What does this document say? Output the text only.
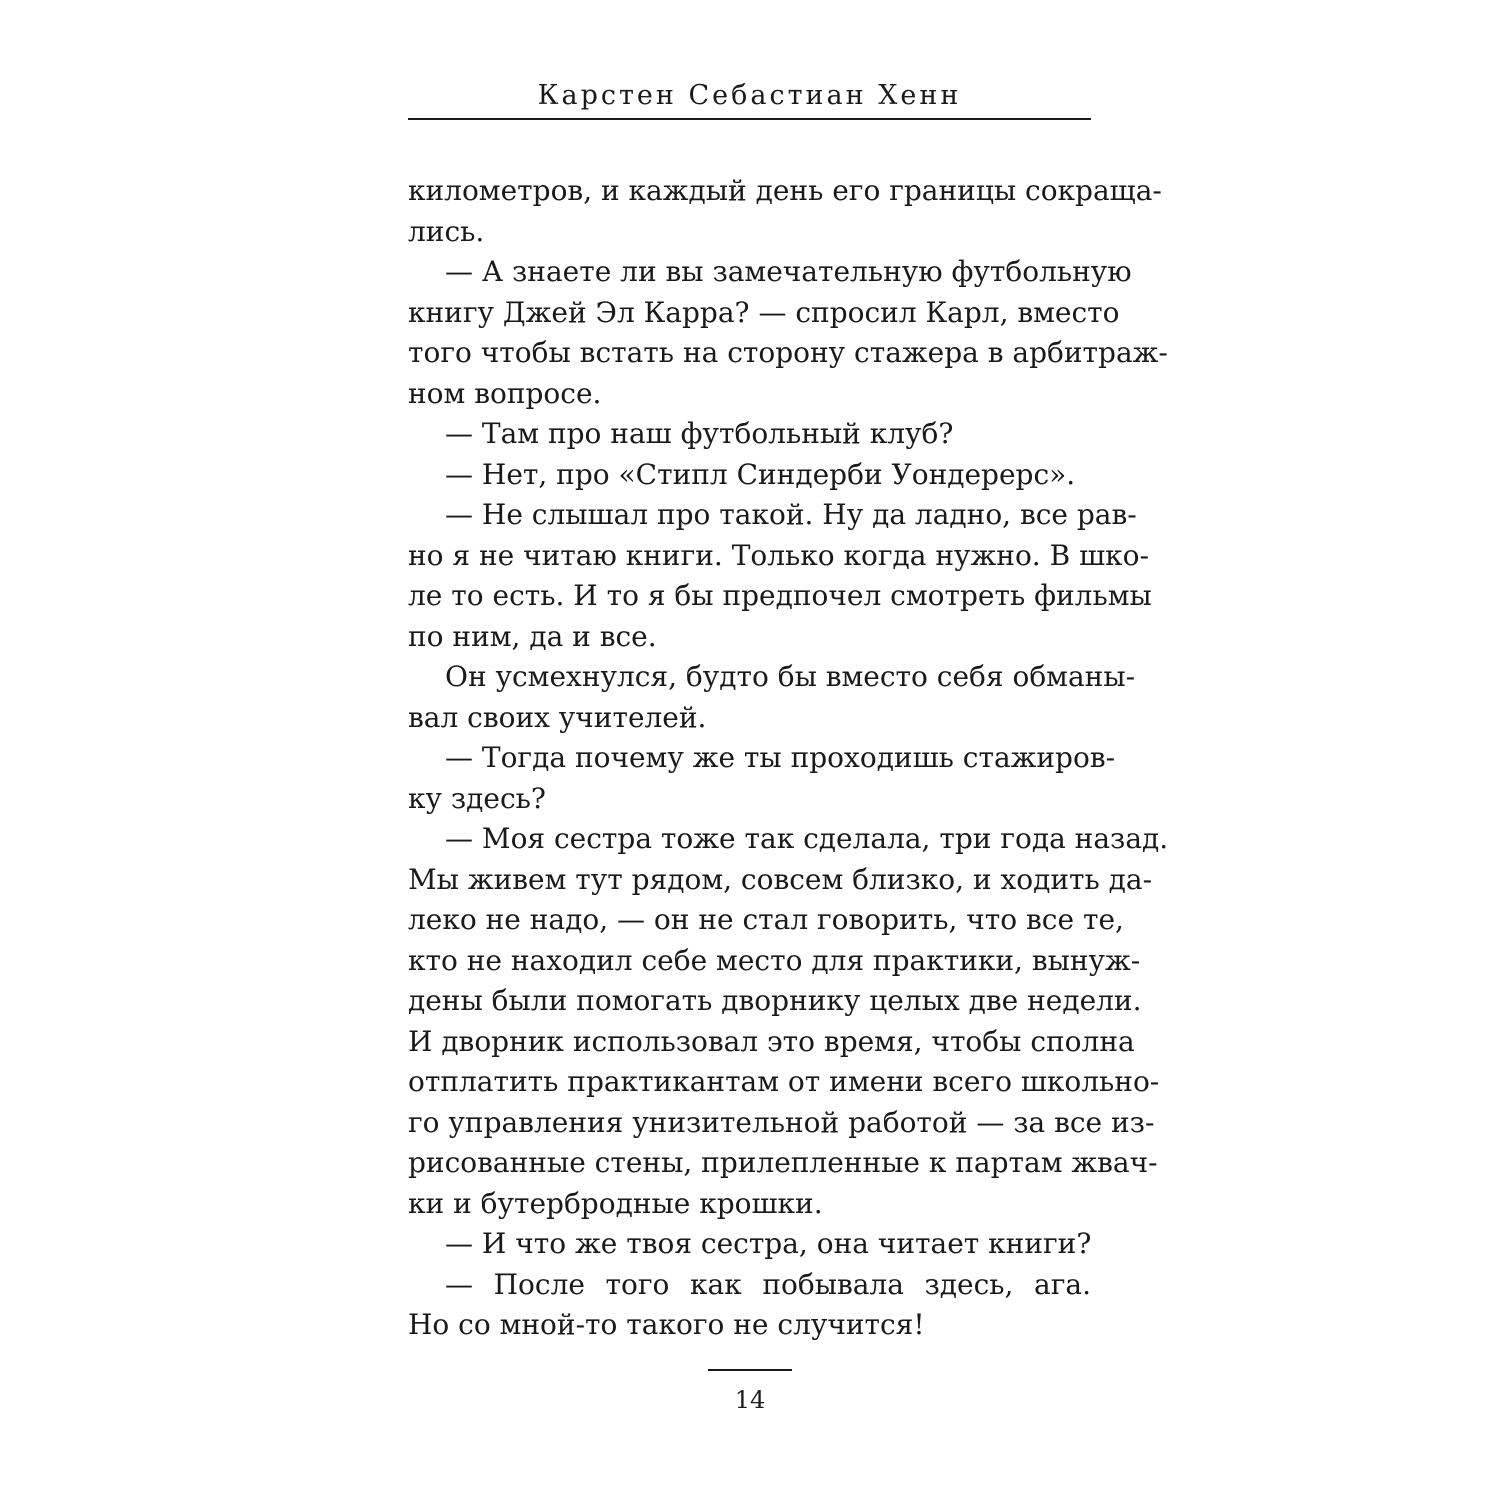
Карстен Себастиан Хенн
километров, и каждый день его границы сокраща-
лись.
— А знаете ли вы замечательную футбольную
книгу Джей Эл Карра? — спросил Карл, вместо
того чтобы встать на сторону стажера в арбитраж-
ном вопросе.
— Там про наш футбольный клуб?
— Нет, про «Стипл Синдерби Уондерерс».
— Не слышал про такой. Ну да ладно, все рав-
но я не читаю книги. Только когда нужно. В шко-
ле то есть. И то я бы предпочел смотреть фильмы
по ним, да и все.
Он усмехнулся, будто бы вместо себя обманы-
вал своих учителей.
— Тогда почему же ты проходишь стажиров-
ку здесь?
— Моя сестра тоже так сделала, три года назад.
Мы живем тут рядом, совсем близко, и ходить да-
леко не надо, — он не стал говорить, что все те,
кто не находил себе место для практики, вынуж-
дены были помогать дворнику целых две недели.
И дворник использовал это время, чтобы сполна
отплатить практикантам от имени всего школьно-
го управления унизительной работой — за все из-
рисованные стены, прилепленные к партам жвач-
ки и бутербродные крошки.
— И что же твоя сестра, она читает книги?
— После того как побывала здесь, ага.
Но со мной-то такого не случится!
14
